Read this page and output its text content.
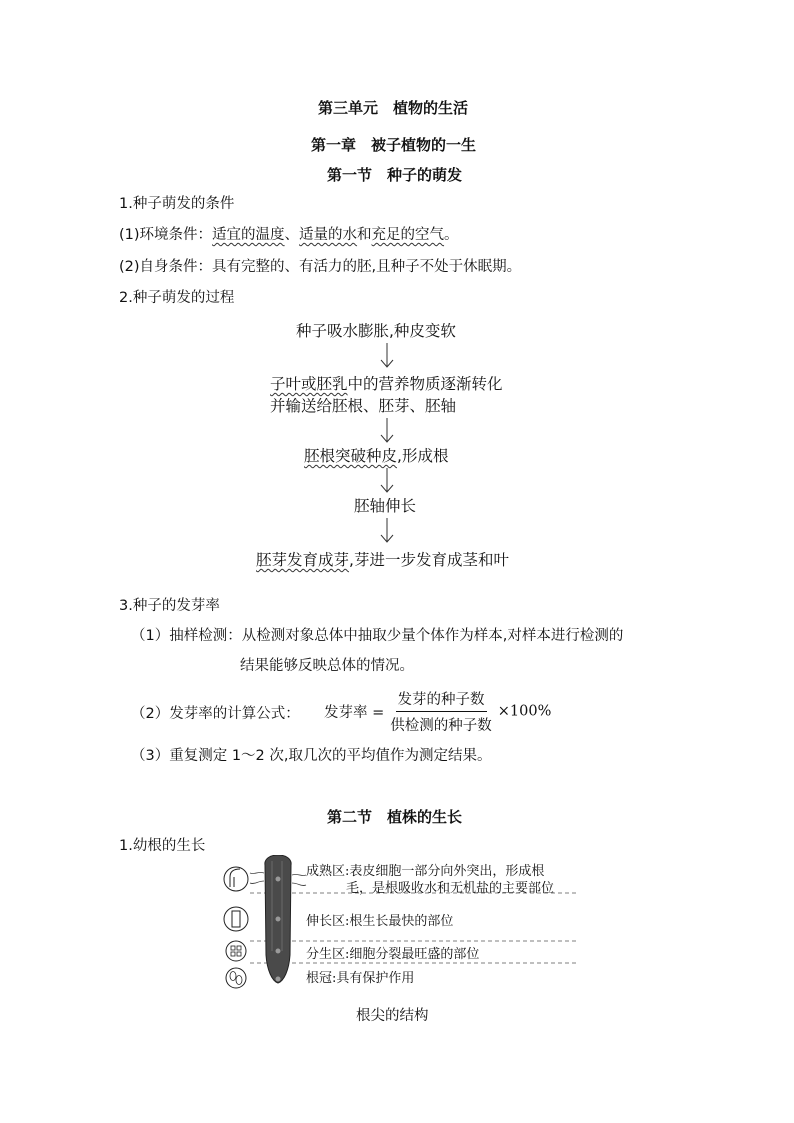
第三单元　植物的生活
第一章　被子植物的一生
第一节　种子的萌发
1.种子萌发的条件
(1)环境条件：适宜的温度、适量的水和充足的空气。
(2)自身条件：具有完整的、有活力的胚,且种子不处于休眠期。
2.种子萌发的过程
种子吸水膨胀,种皮变软
子叶或胚乳中的营养物质逐渐转化
并输送给胚根、胚芽、胚轴
胚根突破种皮,形成根
胚轴伸长
胚芽发育成芽,芽进一步发育成茎和叶
3.种子的发芽率
（1）抽样检测：从检测对象总体中抽取少量个体作为样本,对样本进行检测的
结果能够反映总体的情况。
（2）发芽率的计算公式： 发芽率 = $\frac{\text{发芽的种子数}}{\text{供检测的种子数}} \times 100\%$
（3）重复测定 1～2 次,取几次的平均值作为测定结果。
第二节　植株的生长
1.幼根的生长
成熟区:表皮细胞一部分向外突出，形成根
毛，是根吸收水和无机盐的主要部位
伸长区:根生长最快的部位
分生区:细胞分裂最旺盛的部位
根冠:具有保护作用
根尖的结构
